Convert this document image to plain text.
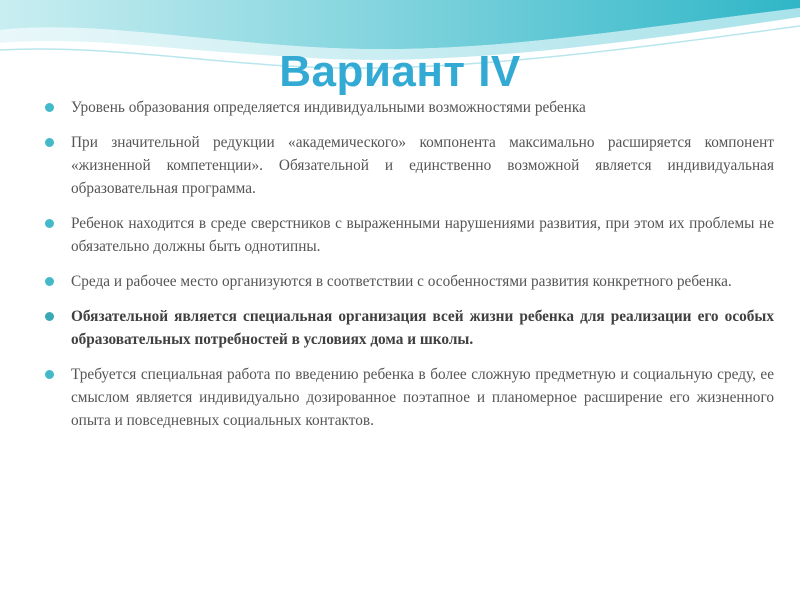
Вариант IV
Уровень образования определяется индивидуальными возможностями ребенка
При значительной редукции «академического» компонента максимально расширяется компонент «жизненной компетенции». Обязательной и единственно возможной является индивидуальная образовательная программа.
Ребенок находится в среде сверстников с выраженными нарушениями развития, при этом их проблемы не обязательно должны быть однотипны.
Среда и рабочее место организуются в соответствии с особенностями развития конкретного ребенка.
Обязательной является специальная организация всей жизни ребенка для реализации его особых образовательных потребностей в условиях дома и школы.
Требуется специальная работа по введению ребенка в более сложную предметную и социальную среду, ее смыслом является индивидуально дозированное поэтапное и планомерное расширение его жизненного опыта и повседневных социальных контактов.
